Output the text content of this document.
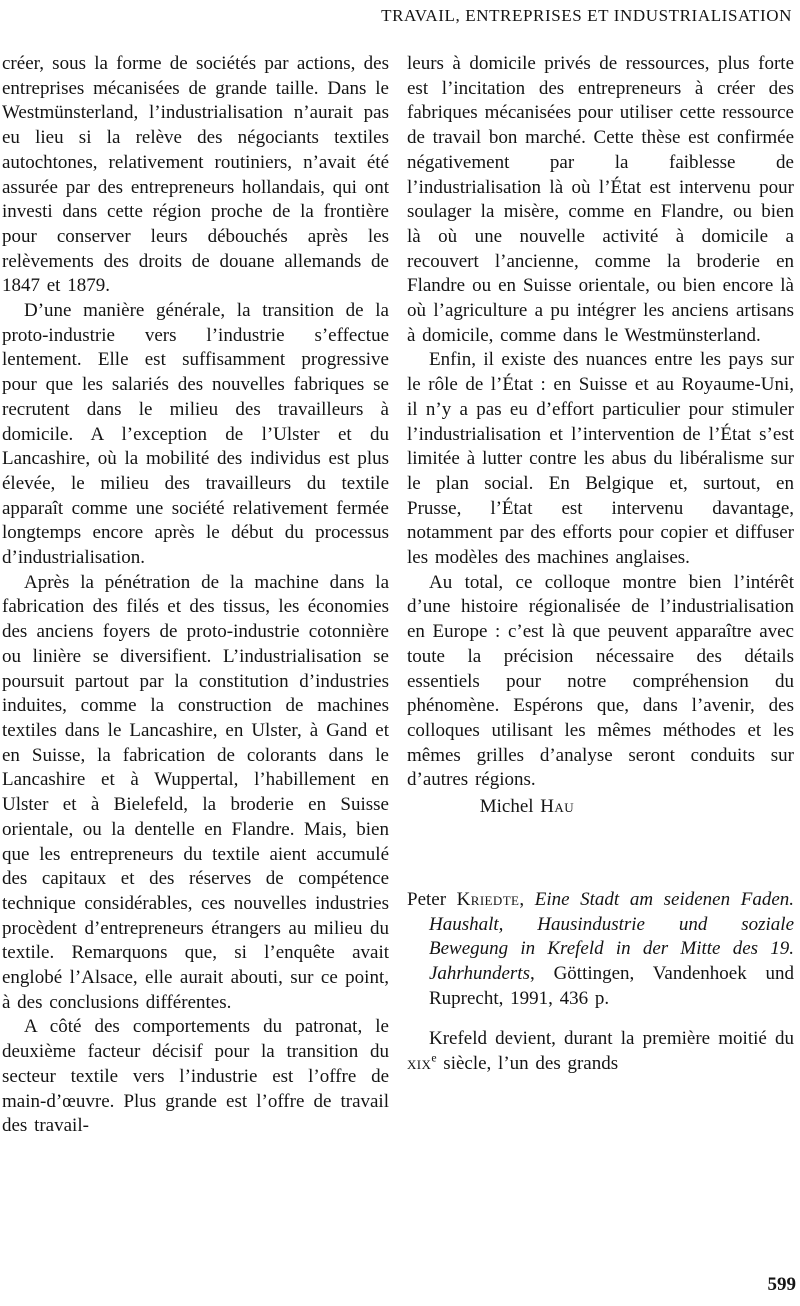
TRAVAIL, ENTREPRISES ET INDUSTRIALISATION

créer, sous la forme de sociétés par actions, des entreprises mécanisées de grande taille. Dans le Westmünsterland, l’industrialisation n’aurait pas eu lieu si la relève des négociants textiles autochtones, relativement routiniers, n’avait été assurée par des entrepreneurs hollandais, qui ont investi dans cette région proche de la frontière pour conserver leurs débouchés après les relèvements des droits de douane allemands de 1847 et 1879.

D’une manière générale, la transition de la proto-industrie vers l’industrie s’effectue lentement. Elle est suffisamment progressive pour que les salariés des nouvelles fabriques se recrutent dans le milieu des travailleurs à domicile. A l’exception de l’Ulster et du Lancashire, où la mobilité des individus est plus élevée, le milieu des travailleurs du textile apparaît comme une société relativement fermée longtemps encore après le début du processus d’industrialisation.

Après la pénétration de la machine dans la fabrication des filés et des tissus, les économies des anciens foyers de proto-industrie cotonnière ou linière se diversifient. L’industrialisation se poursuit partout par la constitution d’industries induites, comme la construction de machines textiles dans le Lancashire, en Ulster, à Gand et en Suisse, la fabrication de colorants dans le Lancashire et à Wuppertal, l’habillement en Ulster et à Bielefeld, la broderie en Suisse orientale, ou la dentelle en Flandre. Mais, bien que les entrepreneurs du textile aient accumulé des capitaux et des réserves de compétence technique considérables, ces nouvelles industries procèdent d’entrepreneurs étrangers au milieu du textile. Remarquons que, si l’enquête avait englobé l’Alsace, elle aurait abouti, sur ce point, à des conclusions différentes.

A côté des comportements du patronat, le deuxième facteur décisif pour la transition du secteur textile vers l’industrie est l’offre de main-d’œuvre. Plus grande est l’offre de travail des travail-

leurs à domicile privés de ressources, plus forte est l’incitation des entrepreneurs à créer des fabriques mécanisées pour utiliser cette ressource de travail bon marché. Cette thèse est confirmée négativement par la faiblesse de l’industrialisation là où l’État est intervenu pour soulager la misère, comme en Flandre, ou bien là où une nouvelle activité à domicile a recouvert l’ancienne, comme la broderie en Flandre ou en Suisse orientale, ou bien encore là où l’agriculture a pu intégrer les anciens artisans à domicile, comme dans le Westmünsterland.

Enfin, il existe des nuances entre les pays sur le rôle de l’État : en Suisse et au Royaume-Uni, il n’y a pas eu d’effort particulier pour stimuler l’industrialisation et l’intervention de l’État s’est limitée à lutter contre les abus du libéralisme sur le plan social. En Belgique et, surtout, en Prusse, l’État est intervenu davantage, notamment par des efforts pour copier et diffuser les modèles des machines anglaises.

Au total, ce colloque montre bien l’intérêt d’une histoire régionalisée de l’industrialisation en Europe : c’est là que peuvent apparaître avec toute la précision nécessaire des détails essentiels pour notre compréhension du phénomène. Espérons que, dans l’avenir, des colloques utilisant les mêmes méthodes et les mêmes grilles d’analyse seront conduits sur d’autres régions.

Michel Hau

Peter Kriedte, Eine Stadt am seidenen Faden. Haushalt, Hausindustrie und soziale Bewegung in Krefeld in der Mitte des 19. Jahrhunderts, Göttingen, Vandenhoek und Ruprecht, 1991, 436 p.

Krefeld devient, durant la première moitié du xix$^e$ siècle, l’un des grands

599
